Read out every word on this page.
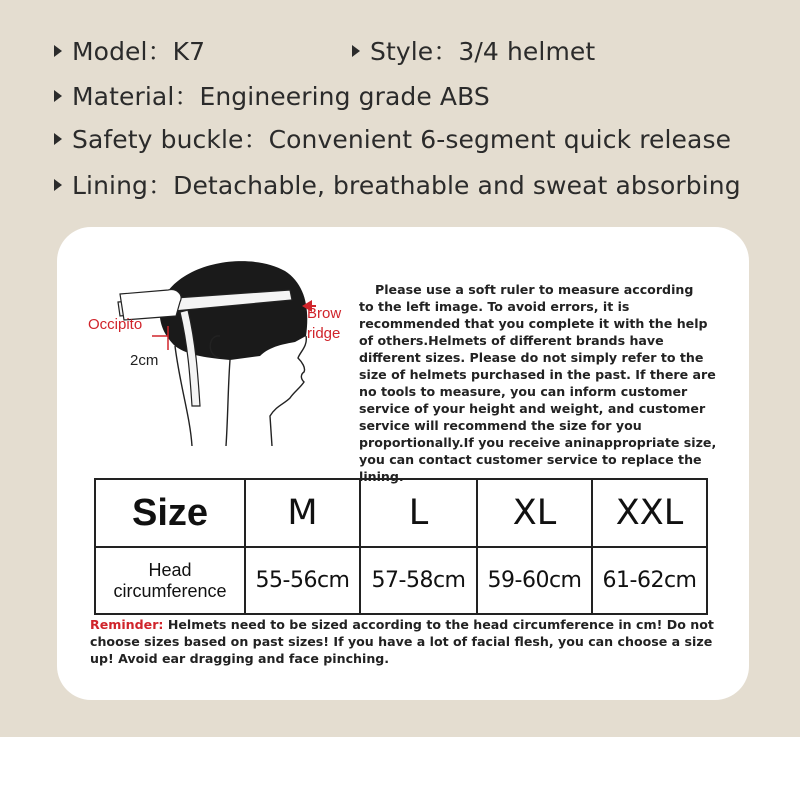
Model：K7	Style：3/4 helmet
Material：Engineering grade ABS
Safety buckle：Convenient 6-segment quick release
Lining：Detachable, breathable and sweat absorbing
Occipito
Brow
ridge
2cm
Please use a soft ruler to measure according
to the left image. To avoid errors, it is recommended that you complete it with the help of others.Helmets of different brands have different sizes. Please do not simply refer to the size of helmets purchased in the past. If there are no tools to measure, you can inform customer service of your height and weight, and customer service will recommend the size for you proportionally.If you receive aninappropriate size, you can contact customer service to replace the lining.
Size	M	L	XL	XXL

Head
circumference	55-56cm	57-58cm	59-60cm	61-62cm
Reminder: Helmets need to be sized according to the head circumference in cm! Do not choose sizes based on past sizes! If you have a lot of facial flesh, you can choose a size up! Avoid ear dragging and face pinching.
